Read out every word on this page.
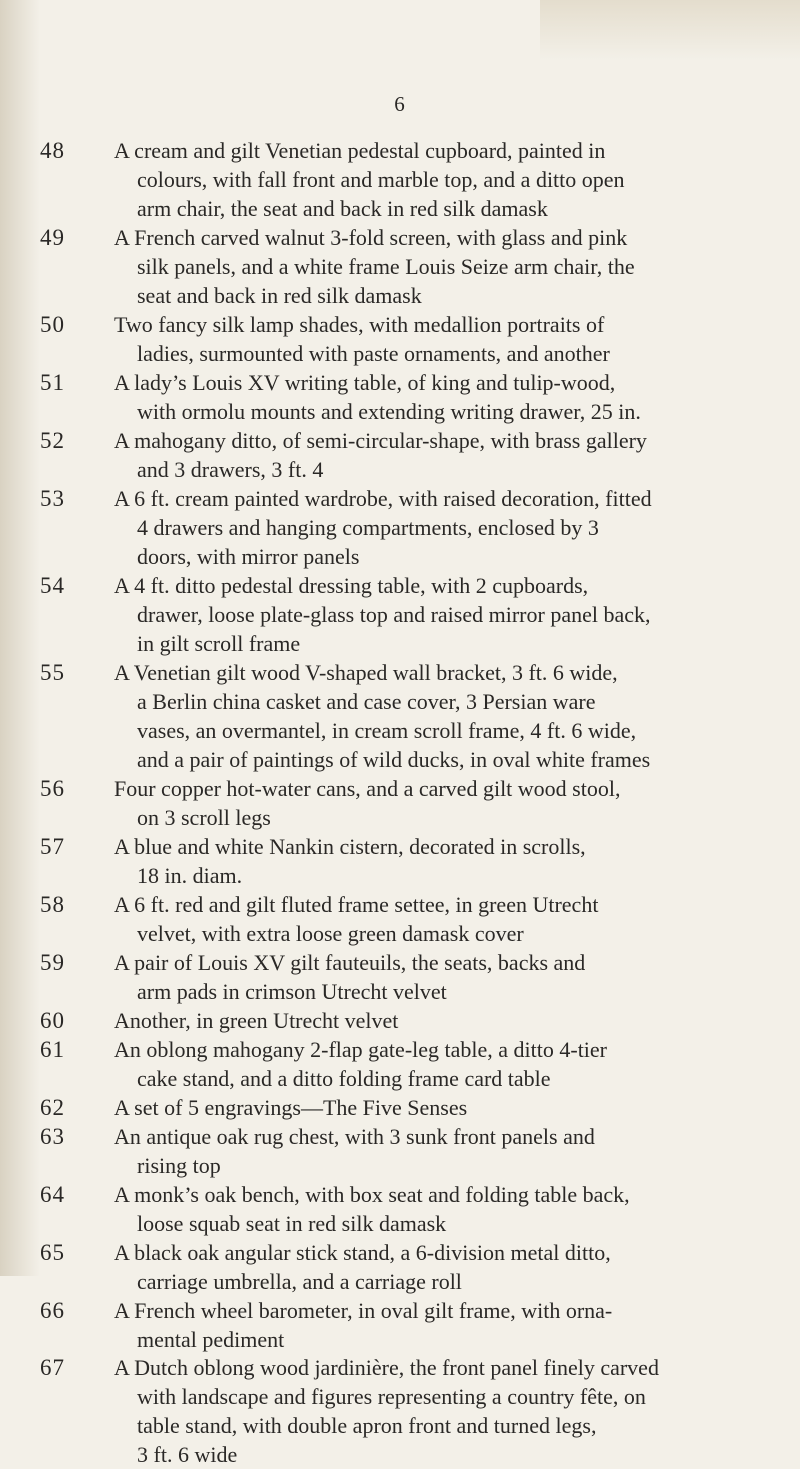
6
48	A cream and gilt Venetian pedestal cupboard, painted in
colours, with fall front and marble top, and a ditto open
arm chair, the seat and back in red silk damask
49	A French carved walnut 3-fold screen, with glass and pink
silk panels, and a white frame Louis Seize arm chair, the
seat and back in red silk damask
50	Two fancy silk lamp shades, with medallion portraits of
ladies, surmounted with paste ornaments, and another
51	A lady’s Louis XV writing table, of king and tulip-wood,
with ormolu mounts and extending writing drawer, 25 in.
52	A mahogany ditto, of semi-circular-shape, with brass gallery
and 3 drawers, 3 ft. 4
53	A 6 ft. cream painted wardrobe, with raised decoration, fitted
4 drawers and hanging compartments, enclosed by 3
doors, with mirror panels
54	A 4 ft. ditto pedestal dressing table, with 2 cupboards,
drawer, loose plate-glass top and raised mirror panel back,
in gilt scroll frame
55	A Venetian gilt wood V-shaped wall bracket, 3 ft. 6 wide,
a Berlin china casket and case cover, 3 Persian ware
vases, an overmantel, in cream scroll frame, 4 ft. 6 wide,
and a pair of paintings of wild ducks, in oval white frames
56	Four copper hot-water cans, and a carved gilt wood stool,
on 3 scroll legs
57	A blue and white Nankin cistern, decorated in scrolls,
18 in. diam.
58	A 6 ft. red and gilt fluted frame settee, in green Utrecht
velvet, with extra loose green damask cover
59	A pair of Louis XV gilt fauteuils, the seats, backs and
arm pads in crimson Utrecht velvet
60	Another, in green Utrecht velvet
61	An oblong mahogany 2-flap gate-leg table, a ditto 4-tier
cake stand, and a ditto folding frame card table
62	A set of 5 engravings—The Five Senses
63	An antique oak rug chest, with 3 sunk front panels and
rising top
64	A monk’s oak bench, with box seat and folding table back,
loose squab seat in red silk damask
65	A black oak angular stick stand, a 6-division metal ditto,
carriage umbrella, and a carriage roll
66	A French wheel barometer, in oval gilt frame, with orna-
mental pediment
67	A Dutch oblong wood jardinière, the front panel finely carved
with landscape and figures representing a country fête, on
table stand, with double apron front and turned legs,
3 ft. 6 wide
